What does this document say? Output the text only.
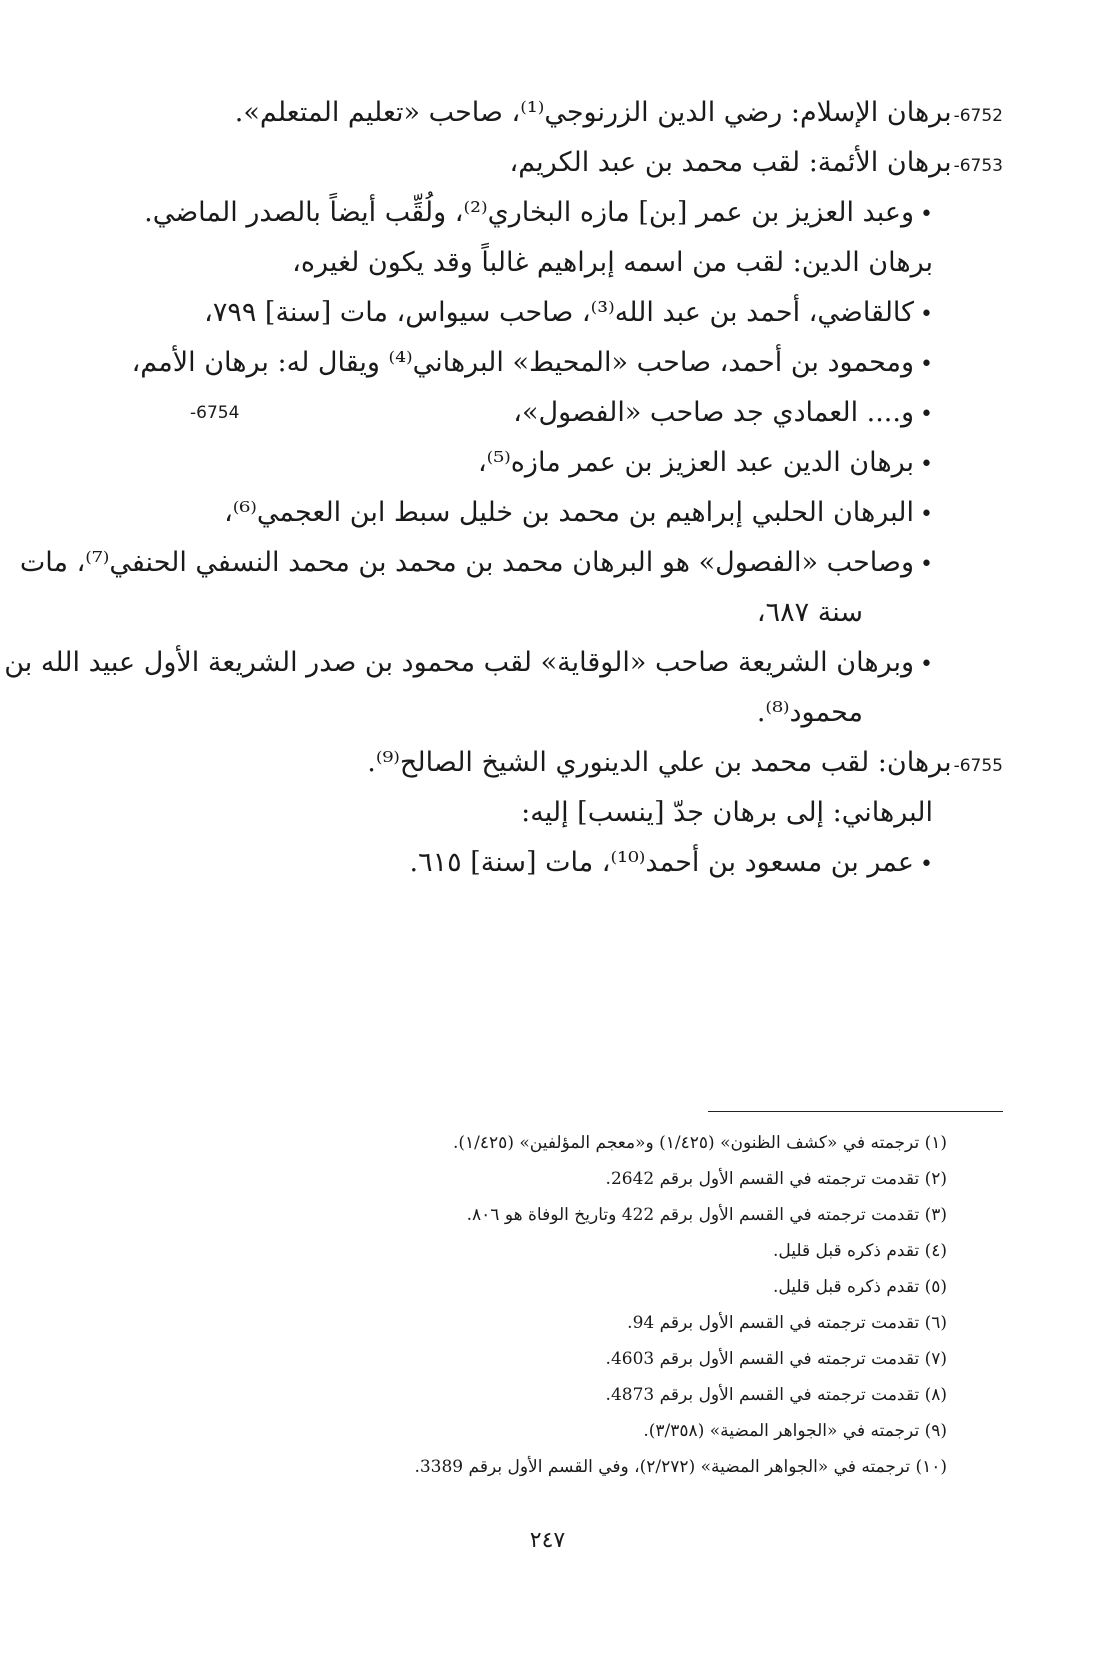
6752-برهان الإسلام: رضي الدين الزرنوجي⁽¹⁾، صاحب «تعليم المتعلم».
6753-برهان الأئمة: لقب محمد بن عبد الكريم،
•وعبد العزيز بن عمر [بن] مازه البخاري⁽²⁾، ولُقِّب أيضاً بالصدر الماضي.
برهان الدين: لقب من اسمه إبراهيم غالباً وقد يكون لغيره،
•كالقاضي، أحمد بن عبد الله⁽³⁾، صاحب سيواس، مات [سنة] ٧٩٩،
•ومحمود بن أحمد، صاحب «المحيط» البرهاني⁽⁴⁾ ويقال له: برهان الأمم،
6754-	•و.... العمادي جد صاحب «الفصول»،
•برهان الدين عبد العزيز بن عمر مازه⁽⁵⁾،
•البرهان الحلبي إبراهيم بن محمد بن خليل سبط ابن العجمي⁽⁶⁾،
•وصاحب «الفصول» هو البرهان محمد بن محمد بن محمد النسفي الحنفي⁽⁷⁾، مات
سنة ٦٨٧،
•وبرهان الشريعة صاحب «الوقاية» لقب محمود بن صدر الشريعة الأول عبيد الله بن
محمود⁽⁸⁾.
6755-برهان: لقب محمد بن علي الدينوري الشيخ الصالح⁽⁹⁾.
البرهاني: إلى برهان جدّ [ينسب] إليه:
•عمر بن مسعود بن أحمد⁽¹⁰⁾، مات [سنة] ٦١٥.
(١) ترجمته في «كشف الظنون» (١/٤٢٥) و«معجم المؤلفين» (١/٤٢٥).
(٢) تقدمت ترجمته في القسم الأول برقم 2642.
(٣) تقدمت ترجمته في القسم الأول برقم 422 وتاريخ الوفاة هو ٨٠٦.
(٤) تقدم ذكره قبل قليل.
(٥) تقدم ذكره قبل قليل.
(٦) تقدمت ترجمته في القسم الأول برقم 94.
(٧) تقدمت ترجمته في القسم الأول برقم 4603.
(٨) تقدمت ترجمته في القسم الأول برقم 4873.
(٩) ترجمته في «الجواهر المضية» (٣/٣٥٨).
(١٠) ترجمته في «الجواهر المضية» (٢/٢٧٢)، وفي القسم الأول برقم 3389.
٢٤٧
